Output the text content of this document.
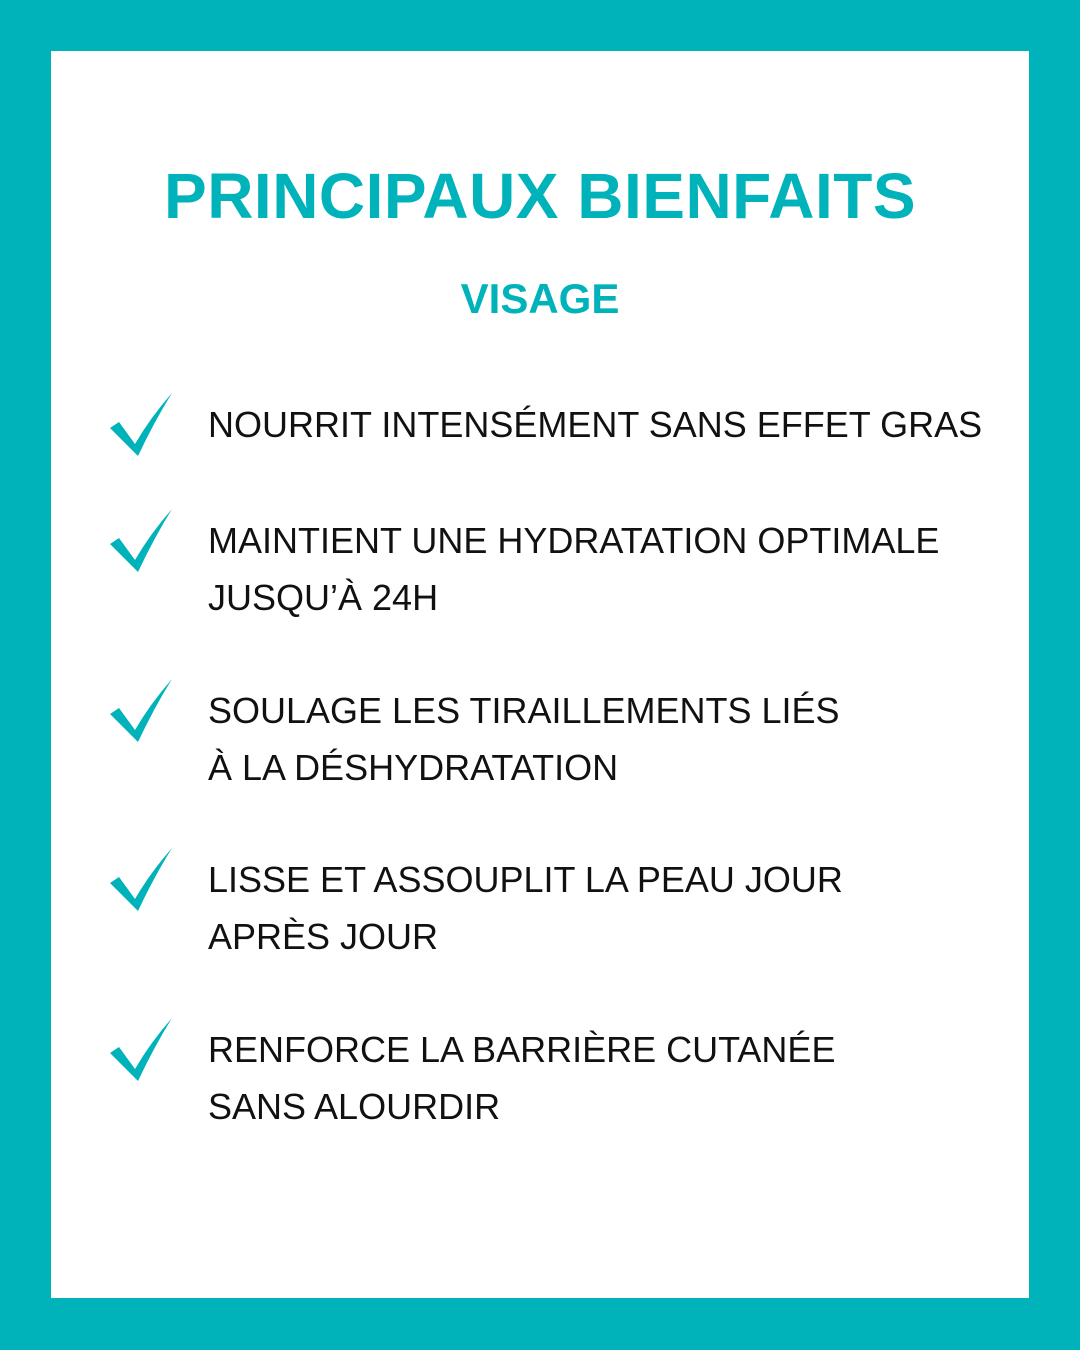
PRINCIPAUX BIENFAITS
VISAGE

NOURRIT INTENSÉMENT SANS EFFET GRAS

MAINTIENT UNE HYDRATATION OPTIMALE
JUSQU’À 24H

SOULAGE LES TIRAILLEMENTS LIÉS
À LA DÉSHYDRATATION

LISSE ET ASSOUPLIT LA PEAU JOUR
APRÈS JOUR

RENFORCE LA BARRIÈRE CUTANÉE
SANS ALOURDIR
